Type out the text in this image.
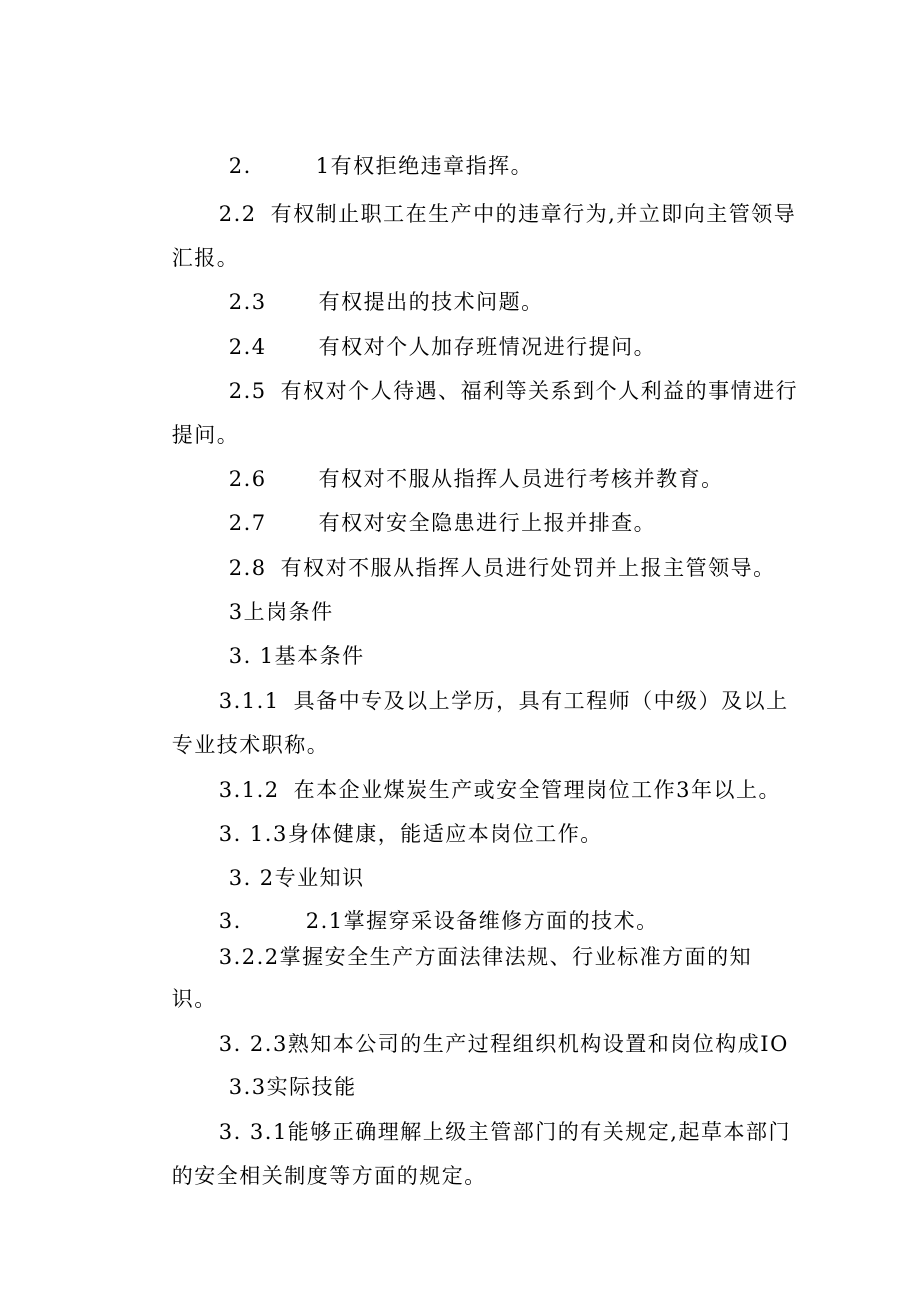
2.	1有权拒绝违章指挥。

2.2 有权制止职工在生产中的违章行为,并立即向主管领导

汇报。

2.3 有权提出的技术问题。

2.4 有权对个人加存班情况进行提问。

2.5 有权对个人待遇、福利等关系到个人利益的事情进行

提问。

2.6 有权对不服从指挥人员进行考核并教育。

2.7 有权对安全隐患进行上报并排查。

2.8 有权对不服从指挥人员进行处罚并上报主管领导。

3上岗条件

3. 1基本条件

3.1.1 具备中专及以上学历，具有工程师（中级）及以上

专业技术职称。

3.1.2 在本企业煤炭生产或安全管理岗位工作3年以上。

3. 1.3身体健康，能适应本岗位工作。

3. 2专业知识

3.	2.1掌握穿采设备维修方面的技术。

3.2.2掌握安全生产方面法律法规、行业标准方面的知

识。

3. 2.3熟知本公司的生产过程组织机构设置和岗位构成IO

3.3实际技能

3. 3.1能够正确理解上级主管部门的有关规定,起草本部门

的安全相关制度等方面的规定。
